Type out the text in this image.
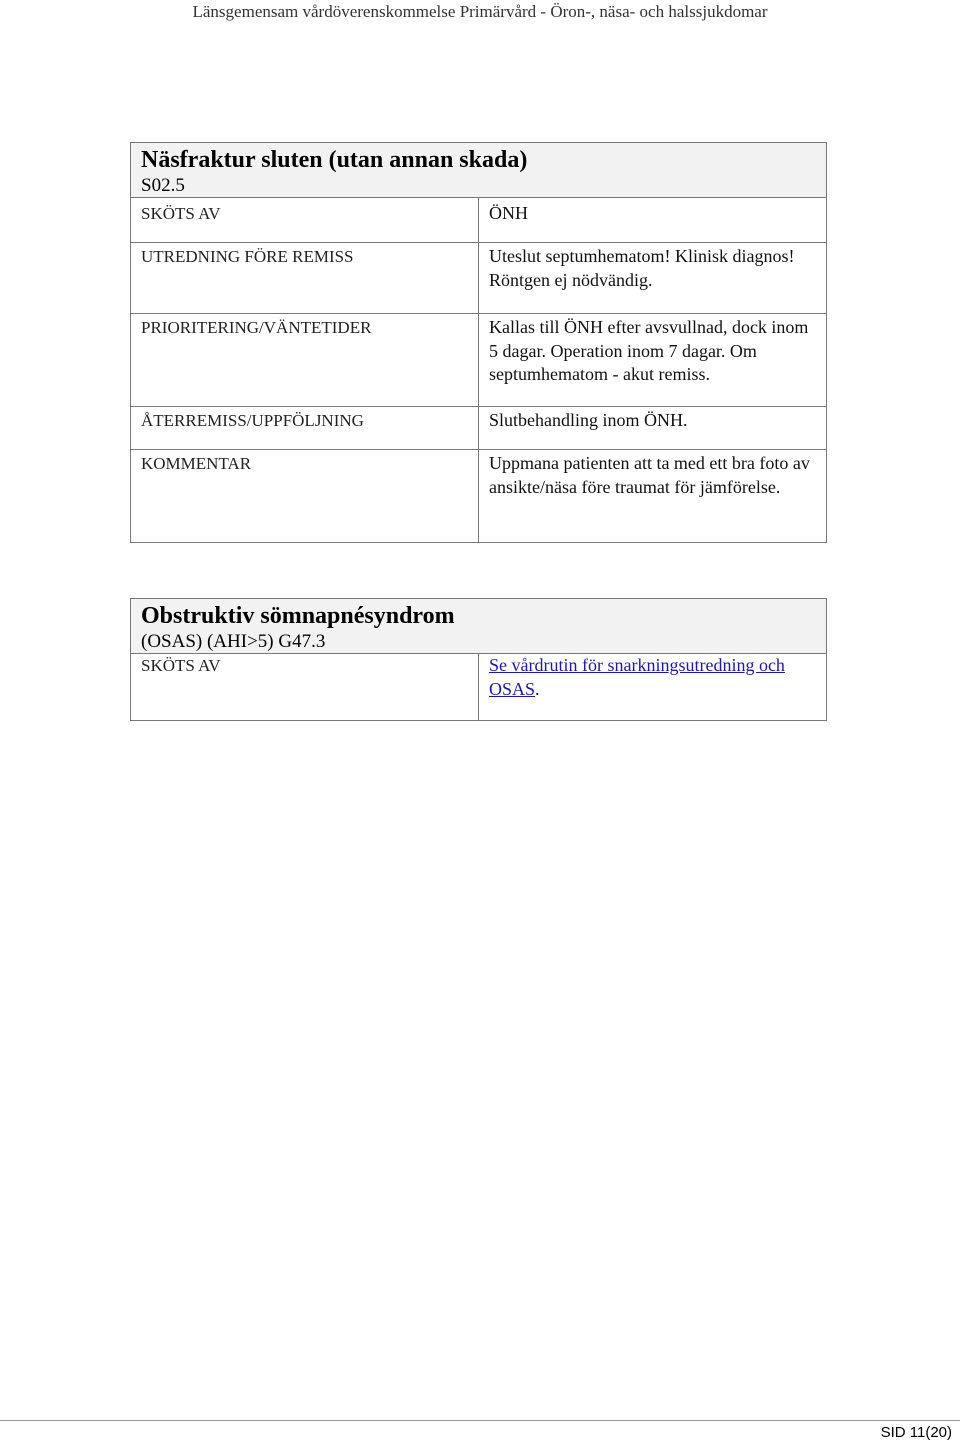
Länsgemensam vårdöverenskommelse Primärvård - Öron-, näsa- och halssjukdomar
Näsfraktur sluten (utan annan skada)
S02.5	

SKÖTS AV	ÖNH
UTREDNING FÖRE REMISS	Uteslut septumhematom! Klinisk diagnos! Röntgen ej nödvändig.
PRIORITERING/VÄNTETIDER	Kallas till ÖNH efter avsvullnad, dock inom 5 dagar. Operation inom 7 dagar. Om septumhematom - akut remiss.
ÅTERREMISS/UPPFÖLJNING	Slutbehandling inom ÖNH.
KOMMENTAR	Uppmana patienten att ta med ett bra foto av ansikte/näsa före traumat för jämförelse.
Obstruktiv sömnapnésyndrom
(OSAS) (AHI>5) G47.3

SKÖTS AV	Se vårdrutin för snarkningsutredning och OSAS.
SID 11(20)
